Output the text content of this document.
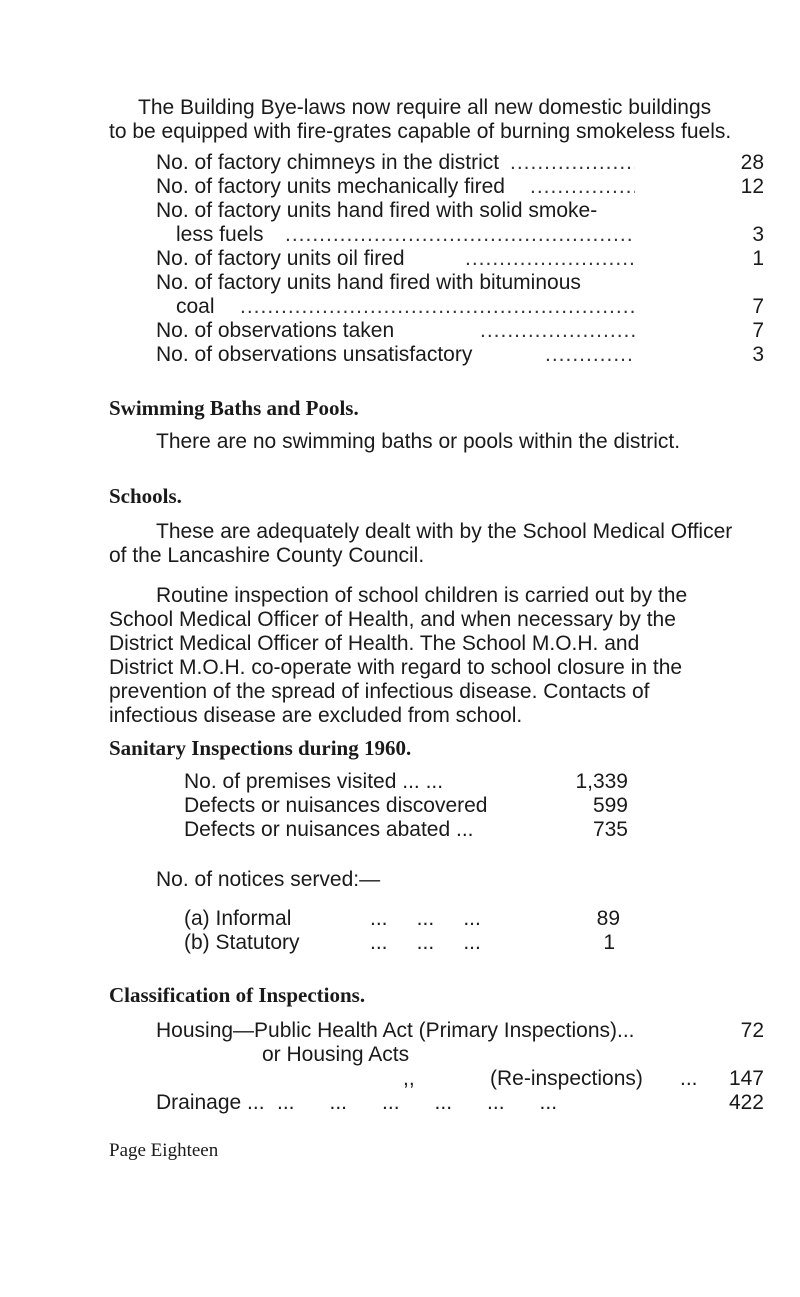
The Building Bye-laws now require all new domestic buildings
to be equipped with fire-grates capable of burning smokeless fuels.
No. of factory chimneys in the district .....	28
No. of factory units mechanically fired .....	12
No. of factory units hand fired with solid smoke-
less fuels .....	3
No. of factory units oil fired .....	1
No. of factory units hand fired with bituminous
coal .....	7
No. of observations taken .....	7
No. of observations unsatisfactory .....	3
Swimming Baths and Pools.
There are no swimming baths or pools within the district.
Schools.
These are adequately dealt with by the School Medical Officer
of the Lancashire County Council.
Routine inspection of school children is carried out by the
School Medical Officer of Health, and when necessary by the
District Medical Officer of Health. The School M.O.H. and
District M.O.H. co-operate with regard to school closure in the
prevention of the spread of infectious disease. Contacts of
infectious disease are excluded from school.
Sanitary Inspections during 1960.
No. of premises visited ... ...	1,339
Defects or nuisances discovered	599
Defects or nuisances abated ...	735
No. of notices served:—
(a) Informal	...     ...     ...	89
(b) Statutory	...     ...     ...	1
Classification of Inspections.
Housing—Public Health Act (Primary Inspections)...	72
or Housing Acts
,,	(Re-inspections) ... 147
Drainage ... ...      ...      ...      ...      ...      ...	422
Page Eighteen
